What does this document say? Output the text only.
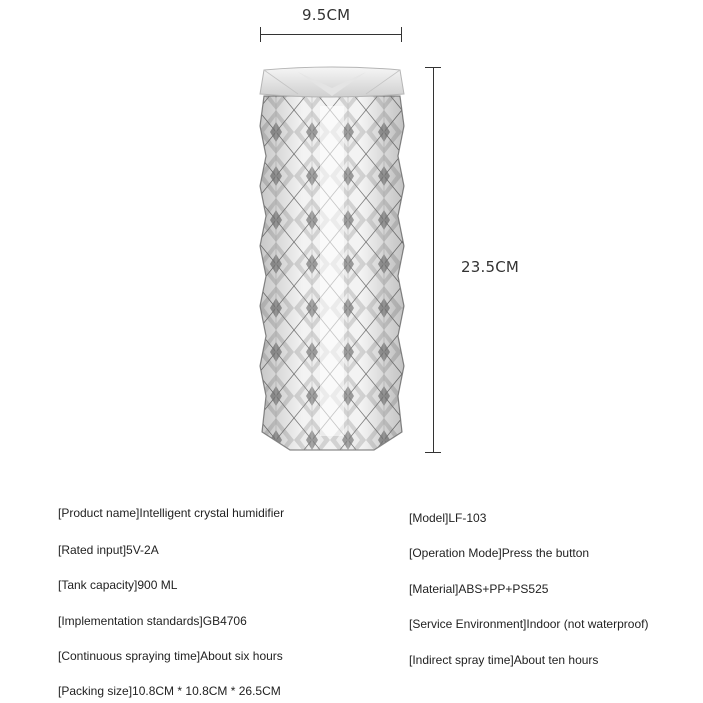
9.5CM
23.5CM
[Product name]Intelligent crystal humidifier
[Rated input]5V-2A
[Tank capacity]900 ML
[Implementation standards]GB4706
[Continuous spraying time]About six hours
[Packing size]10.8CM * 10.8CM * 26.5CM
[Model]LF-103
[Operation Mode]Press the button
[Material]ABS+PP+PS525
[Service Environment]Indoor (not waterproof)
[Indirect spray time]About ten hours
